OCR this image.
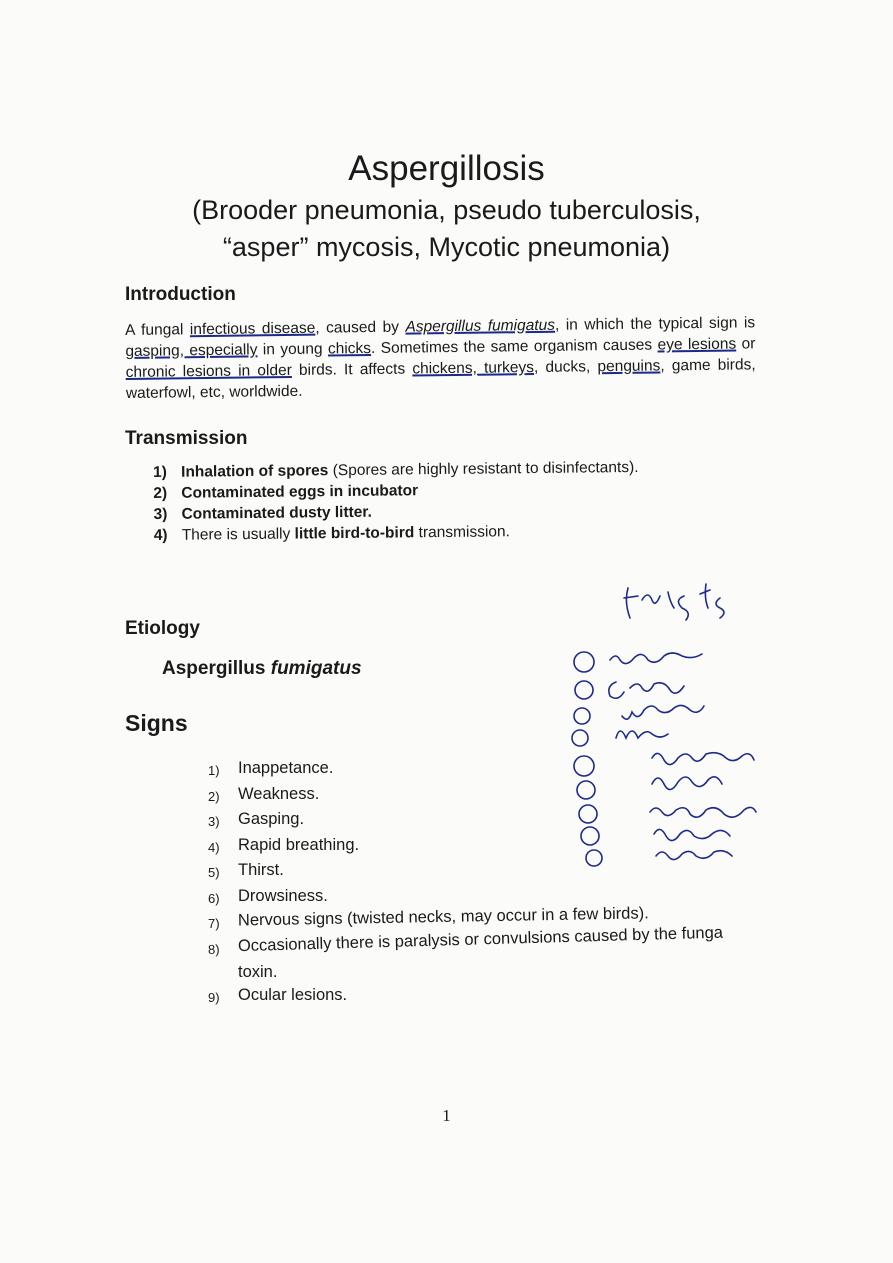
Aspergillosis
(Brooder pneumonia, pseudo tuberculosis,
“asper” mycosis, Mycotic pneumonia)
Introduction

A fungal infectious disease, caused by Aspergillus fumigatus, in which the typical sign is gasping, especially in young chicks. Sometimes the same organism causes eye lesions or chronic lesions in older birds. It affects chickens, turkeys, ducks, penguins, game birds, waterfowl, etc, worldwide.

Transmission
1) Inhalation of spores (Spores are highly resistant to disinfectants).
2) Contaminated eggs in incubator
3) Contaminated dusty litter.
4) There is usually little bird-to-bird transmission.
Etiology

Aspergillus fumigatus

Signs
1)	Inappetance.
2)	Weakness.
3)	Gasping.
4)	Rapid breathing.
5)	Thirst.
6)	Drowsiness.
7)	Nervous signs (twisted necks, may occur in a few birds).
8)	Occasionally there is paralysis or convulsions caused by the funga
toxin.
9)	Ocular lesions.
1
